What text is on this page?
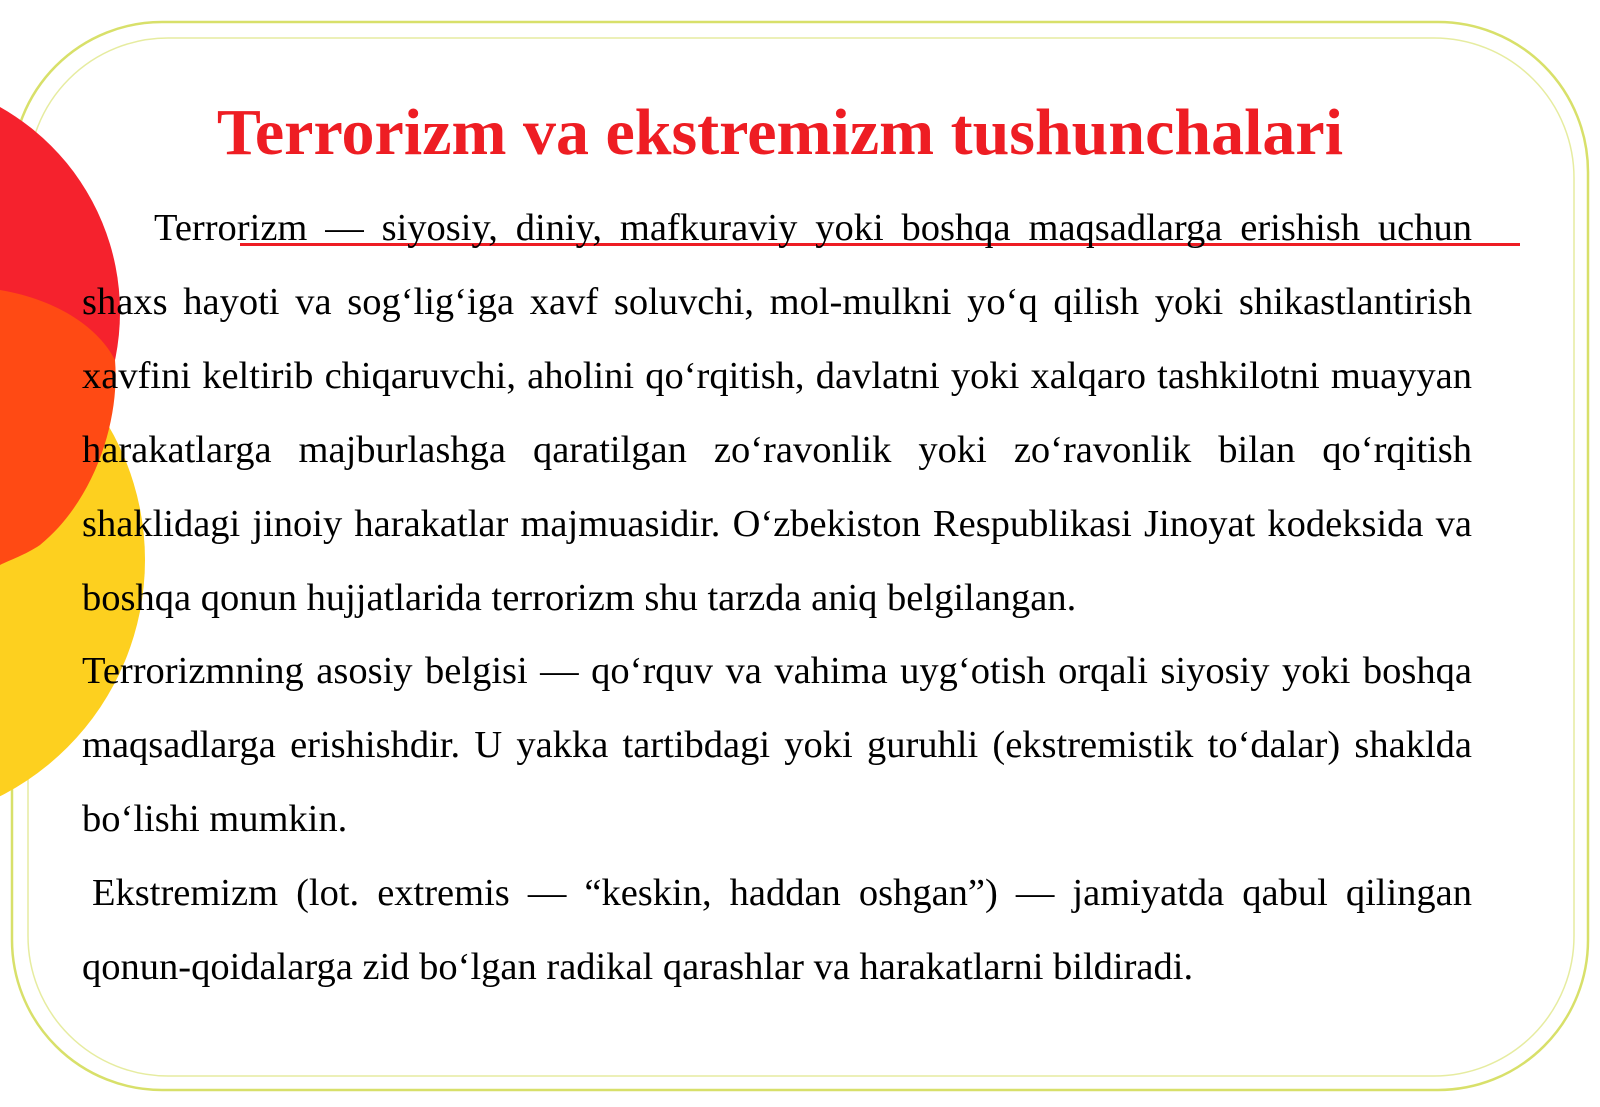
Terrorizm va ekstremizm tushunchalari

Terrorizm — siyosiy, diniy, mafkuraviy yoki boshqa maqsadlarga erishish uchun shaxs hayoti va sog‘lig‘iga xavf soluvchi, mol-mulkni yo‘q qilish yoki shikastlantirish xavfini keltirib chiqaruvchi, aholini qo‘rqitish, davlatni yoki xalqaro tashkilotni muayyan harakatlarga majburlashga qaratilgan zo‘ravonlik yoki zo‘ravonlik bilan qo‘rqitish shaklidagi jinoiy harakatlar majmuasidir. O‘zbekiston Respublikasi Jinoyat kodeksida va boshqa qonun hujjatlarida terrorizm shu tarzda aniq belgilangan.

Terrorizmning asosiy belgisi — qo‘rquv va vahima uyg‘otish orqali siyosiy yoki boshqa maqsadlarga erishishdir. U yakka tartibdagi yoki guruhli (ekstremistik to‘dalar) shaklda bo‘lishi mumkin.

Ekstremizm (lot. extremis — “keskin, haddan oshgan”) — jamiyatda qabul qilingan qonun-qoidalarga zid bo‘lgan radikal qarashlar va harakatlarni bildiradi.
